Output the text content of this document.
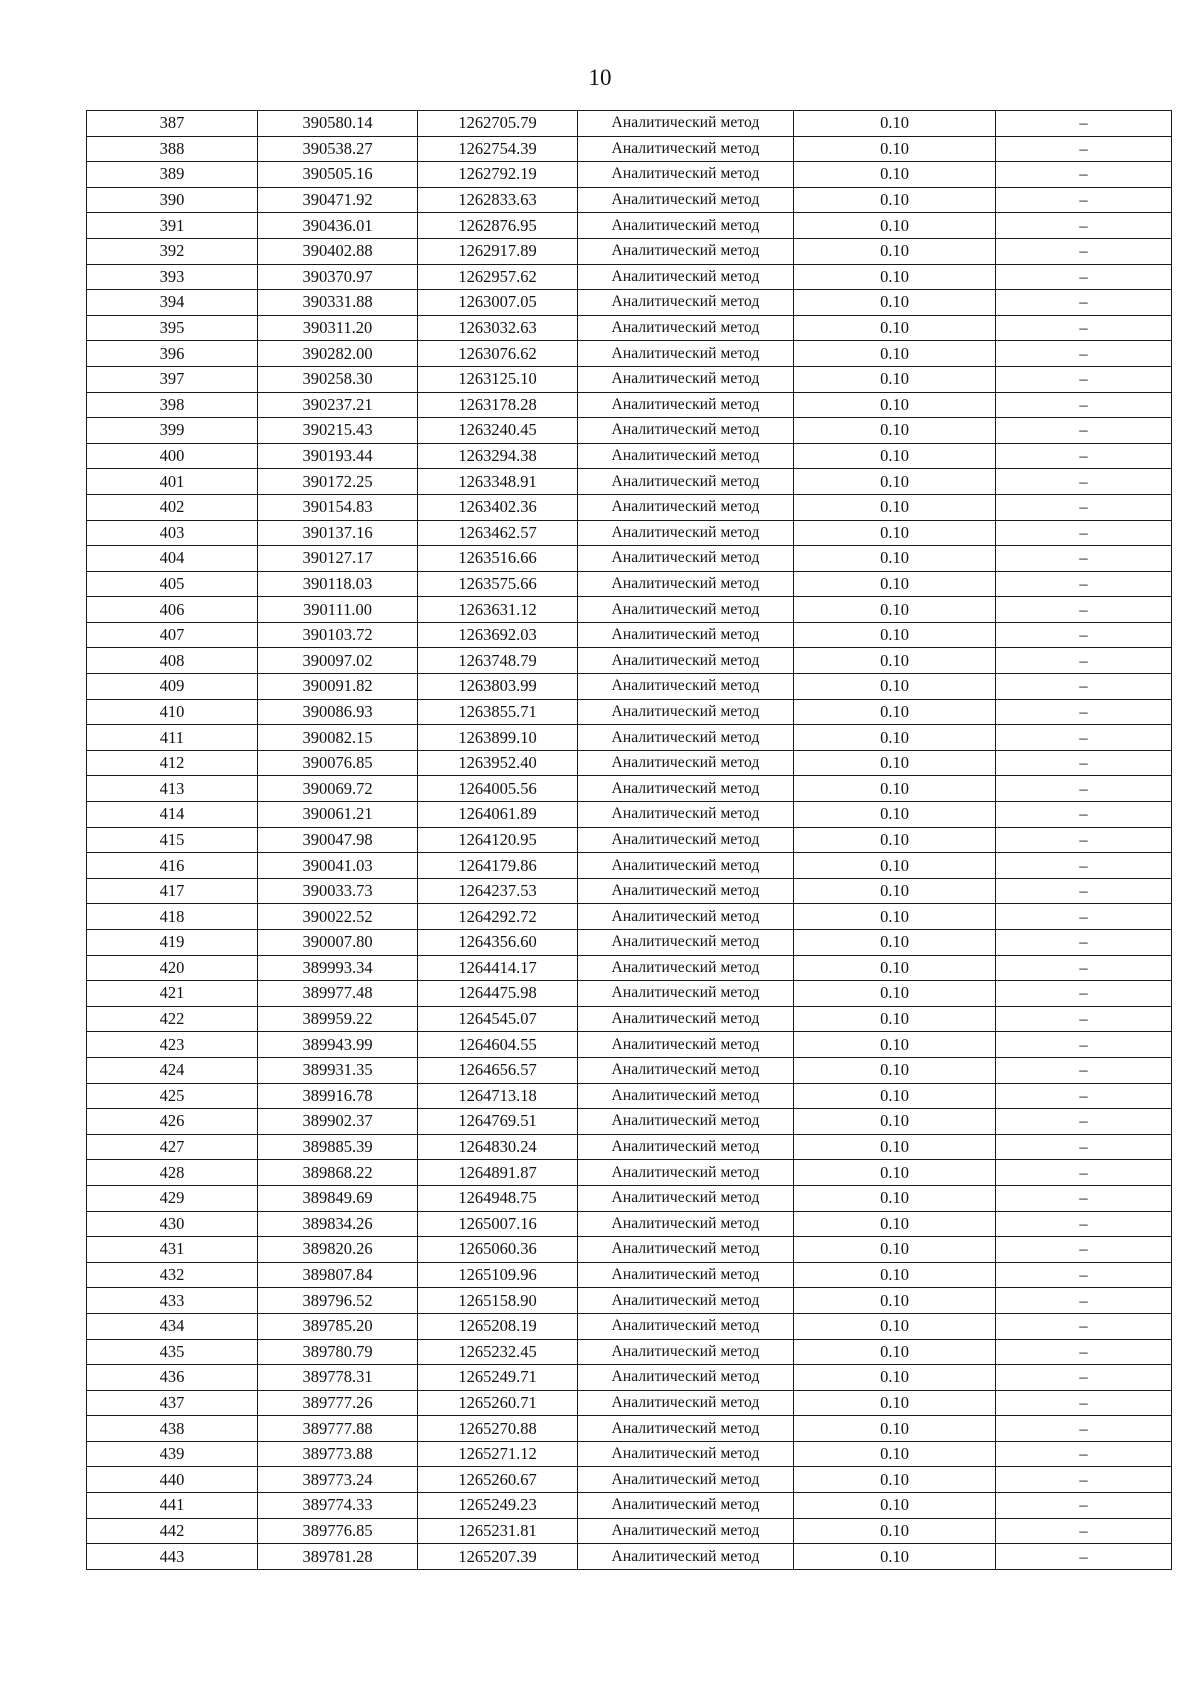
10
387	390580.14	1262705.79	Аналитический метод	0.10	–
388	390538.27	1262754.39	Аналитический метод	0.10	–
389	390505.16	1262792.19	Аналитический метод	0.10	–
390	390471.92	1262833.63	Аналитический метод	0.10	–
391	390436.01	1262876.95	Аналитический метод	0.10	–
392	390402.88	1262917.89	Аналитический метод	0.10	–
393	390370.97	1262957.62	Аналитический метод	0.10	–
394	390331.88	1263007.05	Аналитический метод	0.10	–
395	390311.20	1263032.63	Аналитический метод	0.10	–
396	390282.00	1263076.62	Аналитический метод	0.10	–
397	390258.30	1263125.10	Аналитический метод	0.10	–
398	390237.21	1263178.28	Аналитический метод	0.10	–
399	390215.43	1263240.45	Аналитический метод	0.10	–
400	390193.44	1263294.38	Аналитический метод	0.10	–
401	390172.25	1263348.91	Аналитический метод	0.10	–
402	390154.83	1263402.36	Аналитический метод	0.10	–
403	390137.16	1263462.57	Аналитический метод	0.10	–
404	390127.17	1263516.66	Аналитический метод	0.10	–
405	390118.03	1263575.66	Аналитический метод	0.10	–
406	390111.00	1263631.12	Аналитический метод	0.10	–
407	390103.72	1263692.03	Аналитический метод	0.10	–
408	390097.02	1263748.79	Аналитический метод	0.10	–
409	390091.82	1263803.99	Аналитический метод	0.10	–
410	390086.93	1263855.71	Аналитический метод	0.10	–
411	390082.15	1263899.10	Аналитический метод	0.10	–
412	390076.85	1263952.40	Аналитический метод	0.10	–
413	390069.72	1264005.56	Аналитический метод	0.10	–
414	390061.21	1264061.89	Аналитический метод	0.10	–
415	390047.98	1264120.95	Аналитический метод	0.10	–
416	390041.03	1264179.86	Аналитический метод	0.10	–
417	390033.73	1264237.53	Аналитический метод	0.10	–
418	390022.52	1264292.72	Аналитический метод	0.10	–
419	390007.80	1264356.60	Аналитический метод	0.10	–
420	389993.34	1264414.17	Аналитический метод	0.10	–
421	389977.48	1264475.98	Аналитический метод	0.10	–
422	389959.22	1264545.07	Аналитический метод	0.10	–
423	389943.99	1264604.55	Аналитический метод	0.10	–
424	389931.35	1264656.57	Аналитический метод	0.10	–
425	389916.78	1264713.18	Аналитический метод	0.10	–
426	389902.37	1264769.51	Аналитический метод	0.10	–
427	389885.39	1264830.24	Аналитический метод	0.10	–
428	389868.22	1264891.87	Аналитический метод	0.10	–
429	389849.69	1264948.75	Аналитический метод	0.10	–
430	389834.26	1265007.16	Аналитический метод	0.10	–
431	389820.26	1265060.36	Аналитический метод	0.10	–
432	389807.84	1265109.96	Аналитический метод	0.10	–
433	389796.52	1265158.90	Аналитический метод	0.10	–
434	389785.20	1265208.19	Аналитический метод	0.10	–
435	389780.79	1265232.45	Аналитический метод	0.10	–
436	389778.31	1265249.71	Аналитический метод	0.10	–
437	389777.26	1265260.71	Аналитический метод	0.10	–
438	389777.88	1265270.88	Аналитический метод	0.10	–
439	389773.88	1265271.12	Аналитический метод	0.10	–
440	389773.24	1265260.67	Аналитический метод	0.10	–
441	389774.33	1265249.23	Аналитический метод	0.10	–
442	389776.85	1265231.81	Аналитический метод	0.10	–
443	389781.28	1265207.39	Аналитический метод	0.10	–
